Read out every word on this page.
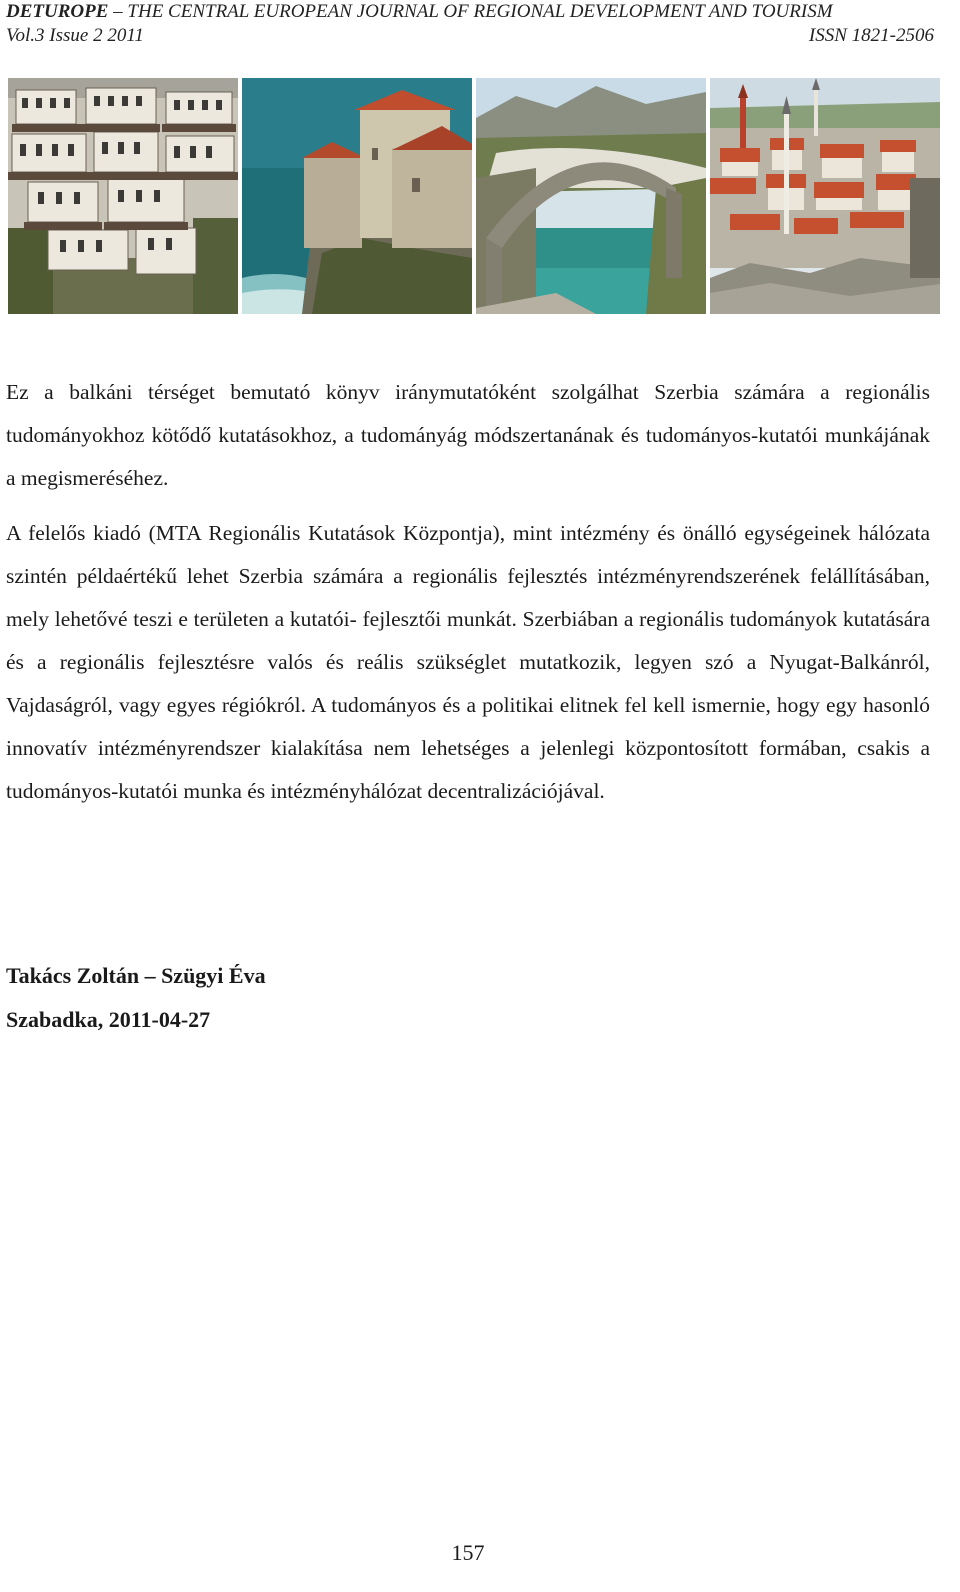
DETUROPE – THE CENTRAL EUROPEAN JOURNAL OF REGIONAL DEVELOPMENT AND TOURISM
Vol.3 Issue 2 2011	ISSN 1821-2506

Ez a balkáni térséget bemutató könyv iránymutatóként szolgálhat Szerbia számára a regionális tudományokhoz kötődő kutatásokhoz, a tudományág módszertanának és tudományos-kutatói munkájának a megismeréséhez.

A felelős kiadó (MTA Regionális Kutatások Központja), mint intézmény és önálló egységeinek hálózata szintén példaértékű lehet Szerbia számára a regionális fejlesztés intézményrendszerének felállításában, mely lehetővé teszi e területen a kutatói- fejlesztői munkát. Szerbiában a regionális tudományok kutatására és a regionális fejlesztésre valós és reális szükséglet mutatkozik, legyen szó a Nyugat-Balkánról, Vajdaságról, vagy egyes régiókról. A tudományos és a politikai elitnek fel kell ismernie, hogy egy hasonló innovatív intézményrendszer kialakítása nem lehetséges a jelenlegi központosított formában, csakis a tudományos-kutatói munka és intézményhálózat decentralizációjával.

Takács Zoltán – Szügyi Éva
Szabadka, 2011-04-27
157
